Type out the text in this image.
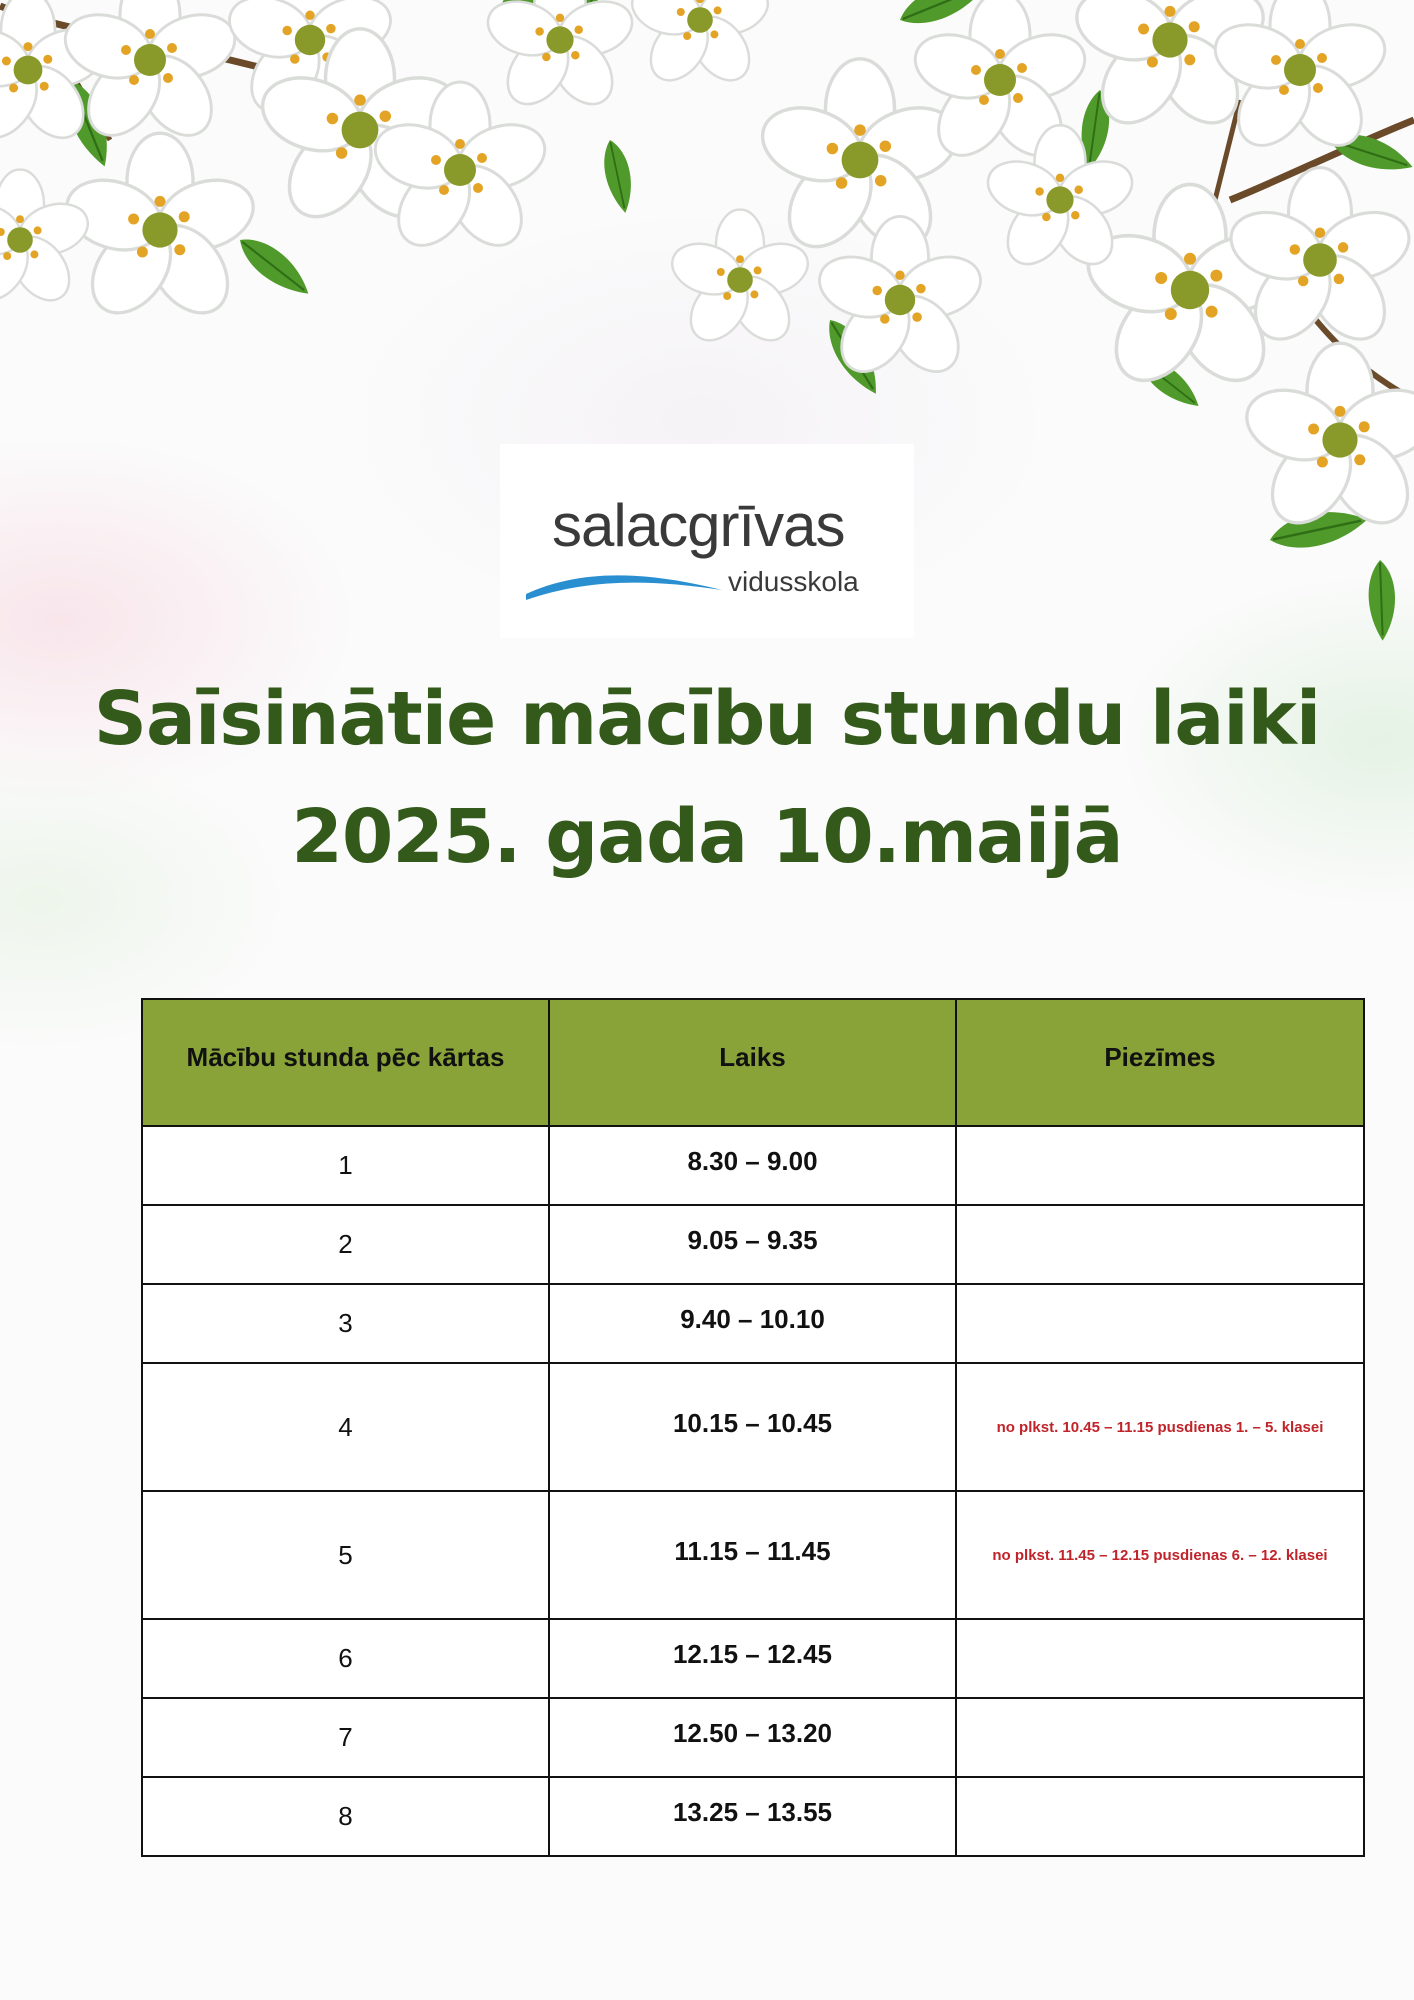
salacgrīvas
vidusskola
Saīsinātie mācību stundu laiki
2025. gada 10.maijā
Mācību stunda pēc kārtas	Laiks	Piezīmes
1	8.30 – 9.00	
2	9.05 – 9.35	
3	9.40 – 10.10	
4	10.15 – 10.45	no plkst. 10.45 – 11.15 pusdienas 1. – 5. klasei
5	11.15 – 11.45	no plkst. 11.45 – 12.15 pusdienas 6. – 12. klasei
6	12.15 – 12.45	
7	12.50 – 13.20	
8	13.25 – 13.55	
